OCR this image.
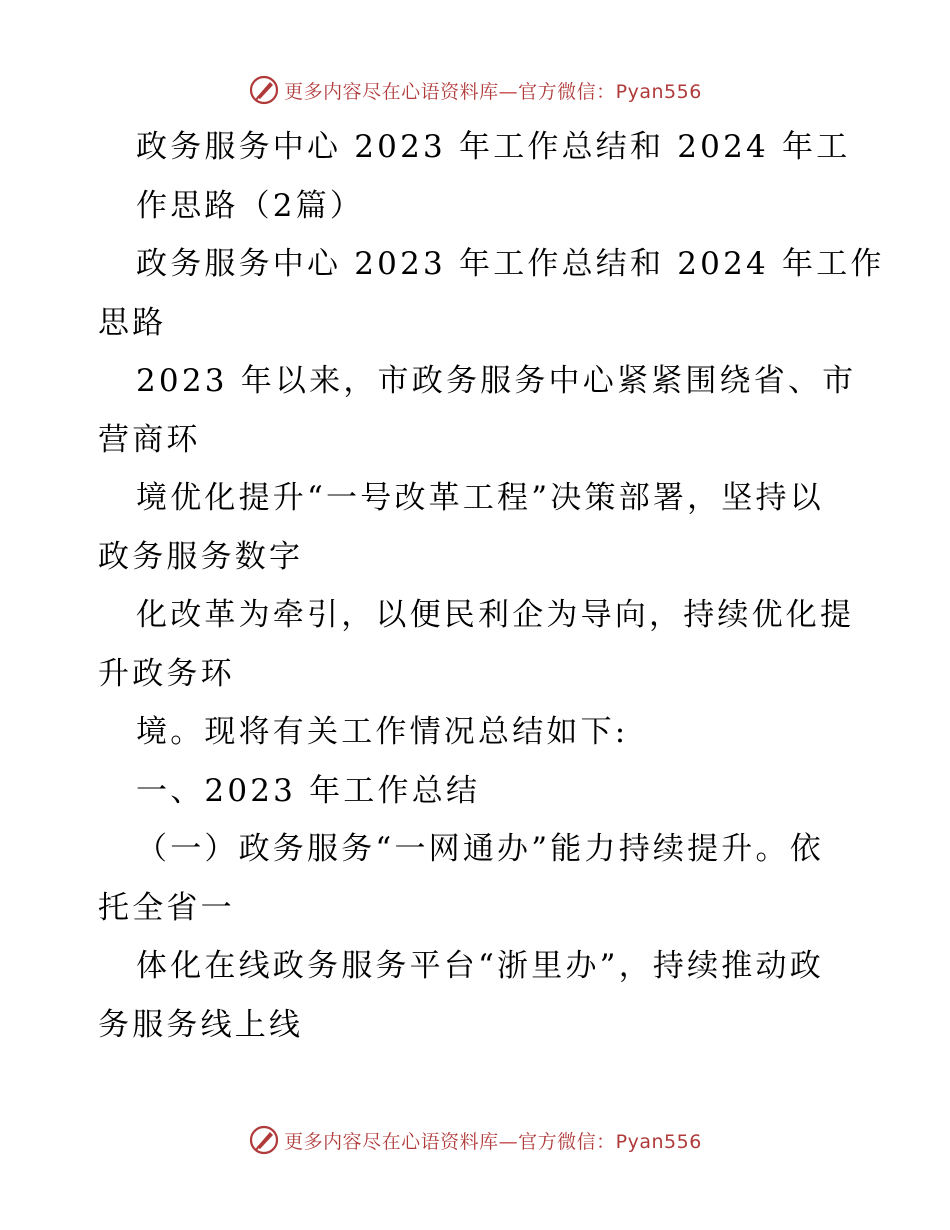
更多内容尽在心语资料库—官方微信：Pyan556
政务服务中心 2023 年工作总结和 2024 年工
作思路（2篇）
政务服务中心 2023 年工作总结和 2024 年工作
思路
2023 年以来，市政务服务中心紧紧围绕省、市
营商环
境优化提升“一号改革工程”决策部署，坚持以
政务服务数字
化改革为牵引，以便民利企为导向，持续优化提
升政务环
境。现将有关工作情况总结如下:
一、2023 年工作总结
（一）政务服务“一网通办”能力持续提升。依
托全省一
体化在线政务服务平台“浙里办”，持续推动政
务服务线上线
更多内容尽在心语资料库—官方微信：Pyan556
